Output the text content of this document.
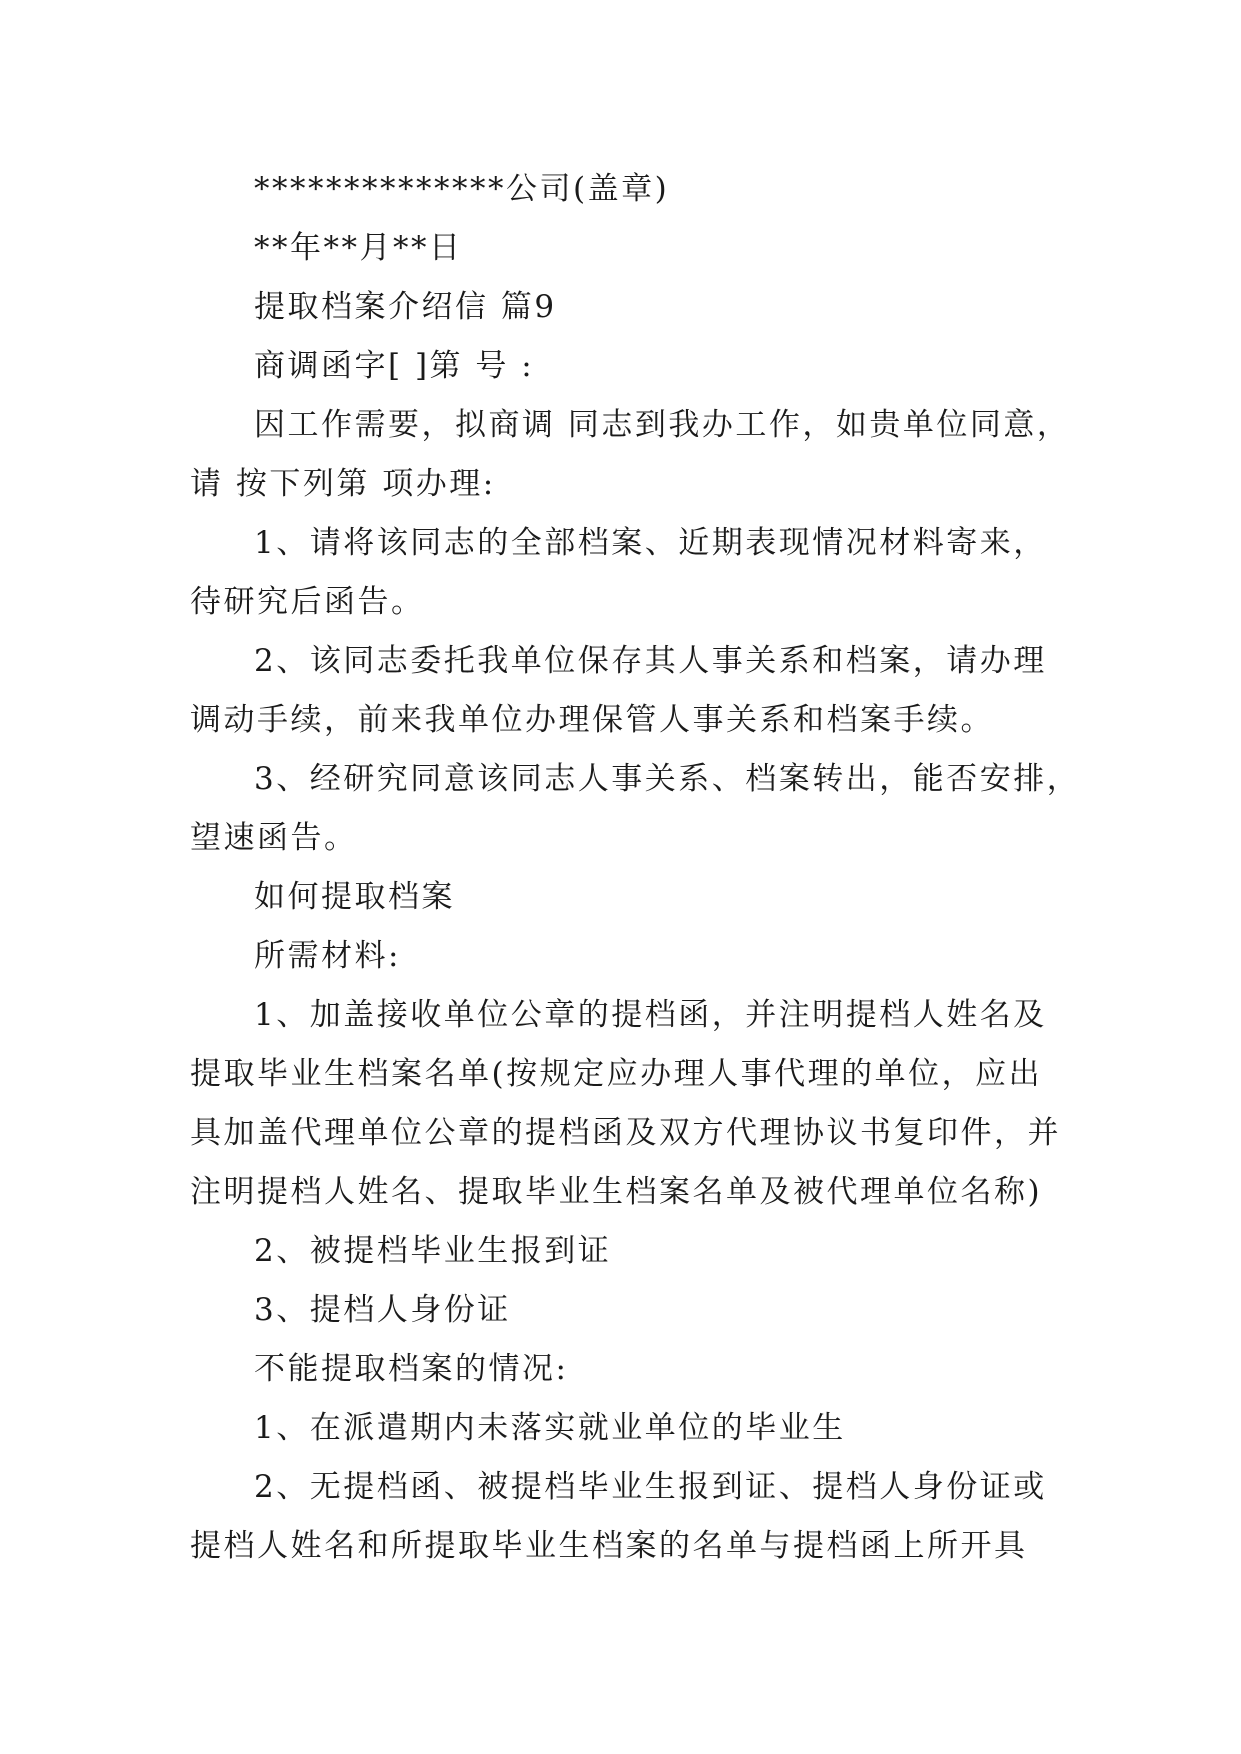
**************公司(盖章)
**年**月**日
提取档案介绍信 篇9
商调函字[ ]第 号 :
因工作需要，拟商调 同志到我办工作，如贵单位同意，
请 按下列第 项办理:
1、请将该同志的全部档案、近期表现情况材料寄来，
待研究后函告。
2、该同志委托我单位保存其人事关系和档案，请办理
调动手续，前来我单位办理保管人事关系和档案手续。
3、经研究同意该同志人事关系、档案转出，能否安排，
望速函告。
如何提取档案
所需材料:
1、加盖接收单位公章的提档函，并注明提档人姓名及
提取毕业生档案名单(按规定应办理人事代理的单位，应出
具加盖代理单位公章的提档函及双方代理协议书复印件，并
注明提档人姓名、提取毕业生档案名单及被代理单位名称)
2、被提档毕业生报到证
3、提档人身份证
不能提取档案的情况:
1、在派遣期内未落实就业单位的毕业生
2、无提档函、被提档毕业生报到证、提档人身份证或
提档人姓名和所提取毕业生档案的名单与提档函上所开具
